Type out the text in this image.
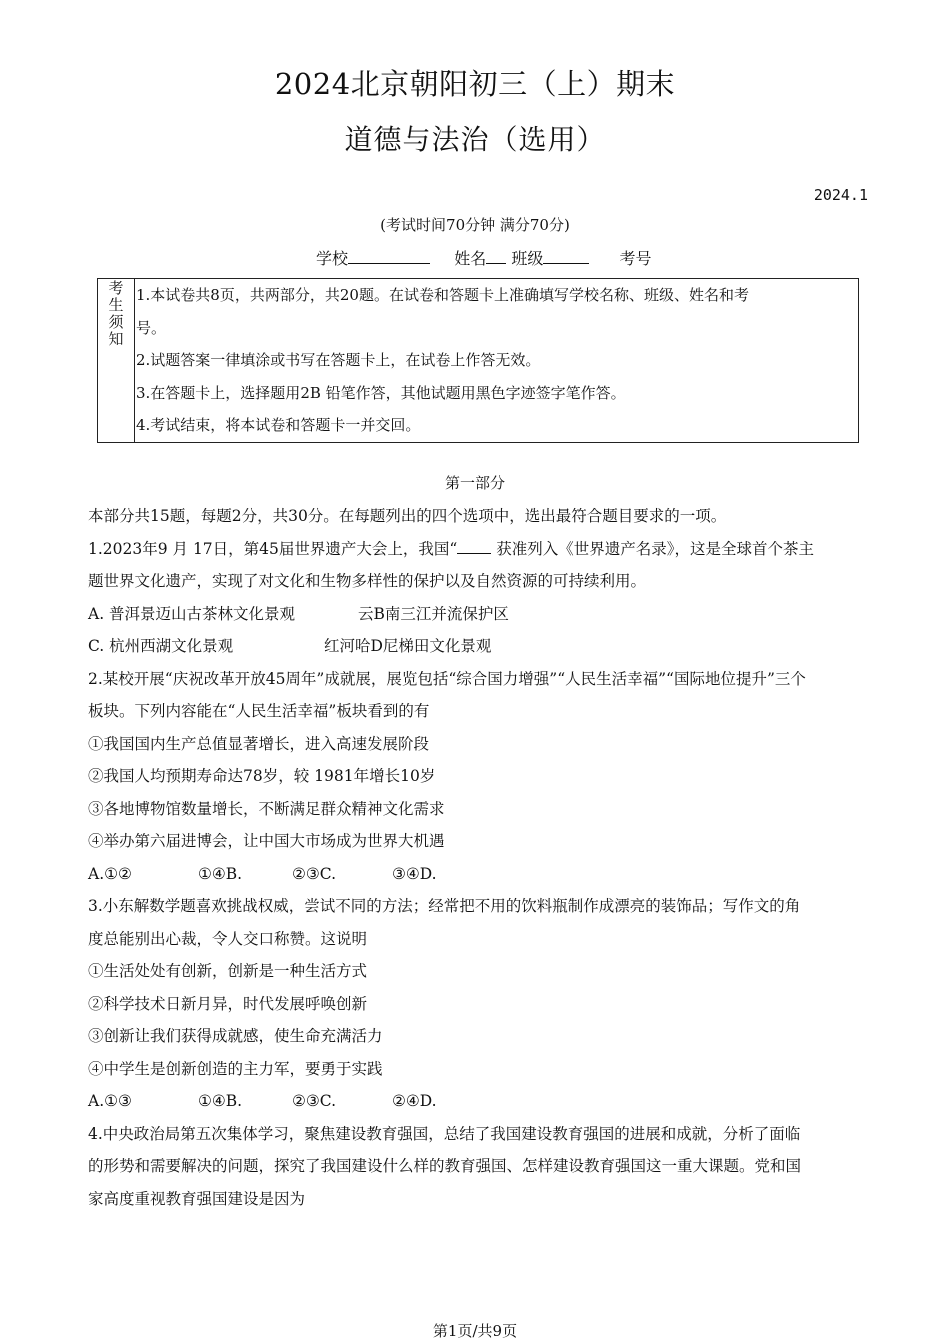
2024北京朝阳初三（上）期末
道德与法治（选用）
2024.1
(考试时间70分钟 满分70分)
学校	姓名 班级	考号
考
生
须
知
1.本试卷共8页，共两部分，共20题。在试卷和答题卡上准确填写学校名称、班级、姓名和考
号。
2.试题答案一律填涂或书写在答题卡上，在试卷上作答无效。
3.在答题卡上，选择题用2B 铅笔作答，其他试题用黑色字迹签字笔作答。
4.考试结束，将本试卷和答题卡一并交回。
第一部分
本部分共15题，每题2分，共30分。在每题列出的四个选项中，选出最符合题目要求的一项。
1.2023年9 月 17日，第45届世界遗产大会上，我国“ 获准列入《世界遗产名录》，这是全球首个茶主
题世界文化遗产，实现了对文化和生物多样性的保护以及自然资源的可持续利用。
A. 普洱景迈山古茶林文化景观	云B南三江并流保护区
C. 杭州西湖文化景观	红河哈D尼梯田文化景观
2.某校开展“庆祝改革开放45周年”成就展，展览包括“综合国力增强”“人民生活幸福”“国际地位提升”三个
板块。下列内容能在“人民生活幸福”板块看到的有
①我国国内生产总值显著增长，进入高速发展阶段
②我国人均预期寿命达78岁，较 1981年增长10岁
③各地博物馆数量增长，不断满足群众精神文化需求
④举办第六届进博会，让中国大市场成为世界大机遇
A.①②	①④B.	②③C.	③④D.
3.小东解数学题喜欢挑战权威，尝试不同的方法；经常把不用的饮料瓶制作成漂亮的装饰品；写作文的角
度总能别出心裁，令人交口称赞。这说明
①生活处处有创新，创新是一种生活方式
②科学技术日新月异，时代发展呼唤创新
③创新让我们获得成就感，使生命充满活力
④中学生是创新创造的主力军，要勇于实践
A.①③	①④B.	②③C.	②④D.
4.中央政治局第五次集体学习，聚焦建设教育强国，总结了我国建设教育强国的进展和成就，分析了面临
的形势和需要解决的问题，探究了我国建设什么样的教育强国、怎样建设教育强国这一重大课题。党和国
家高度重视教育强国建设是因为
第1页/共9页
